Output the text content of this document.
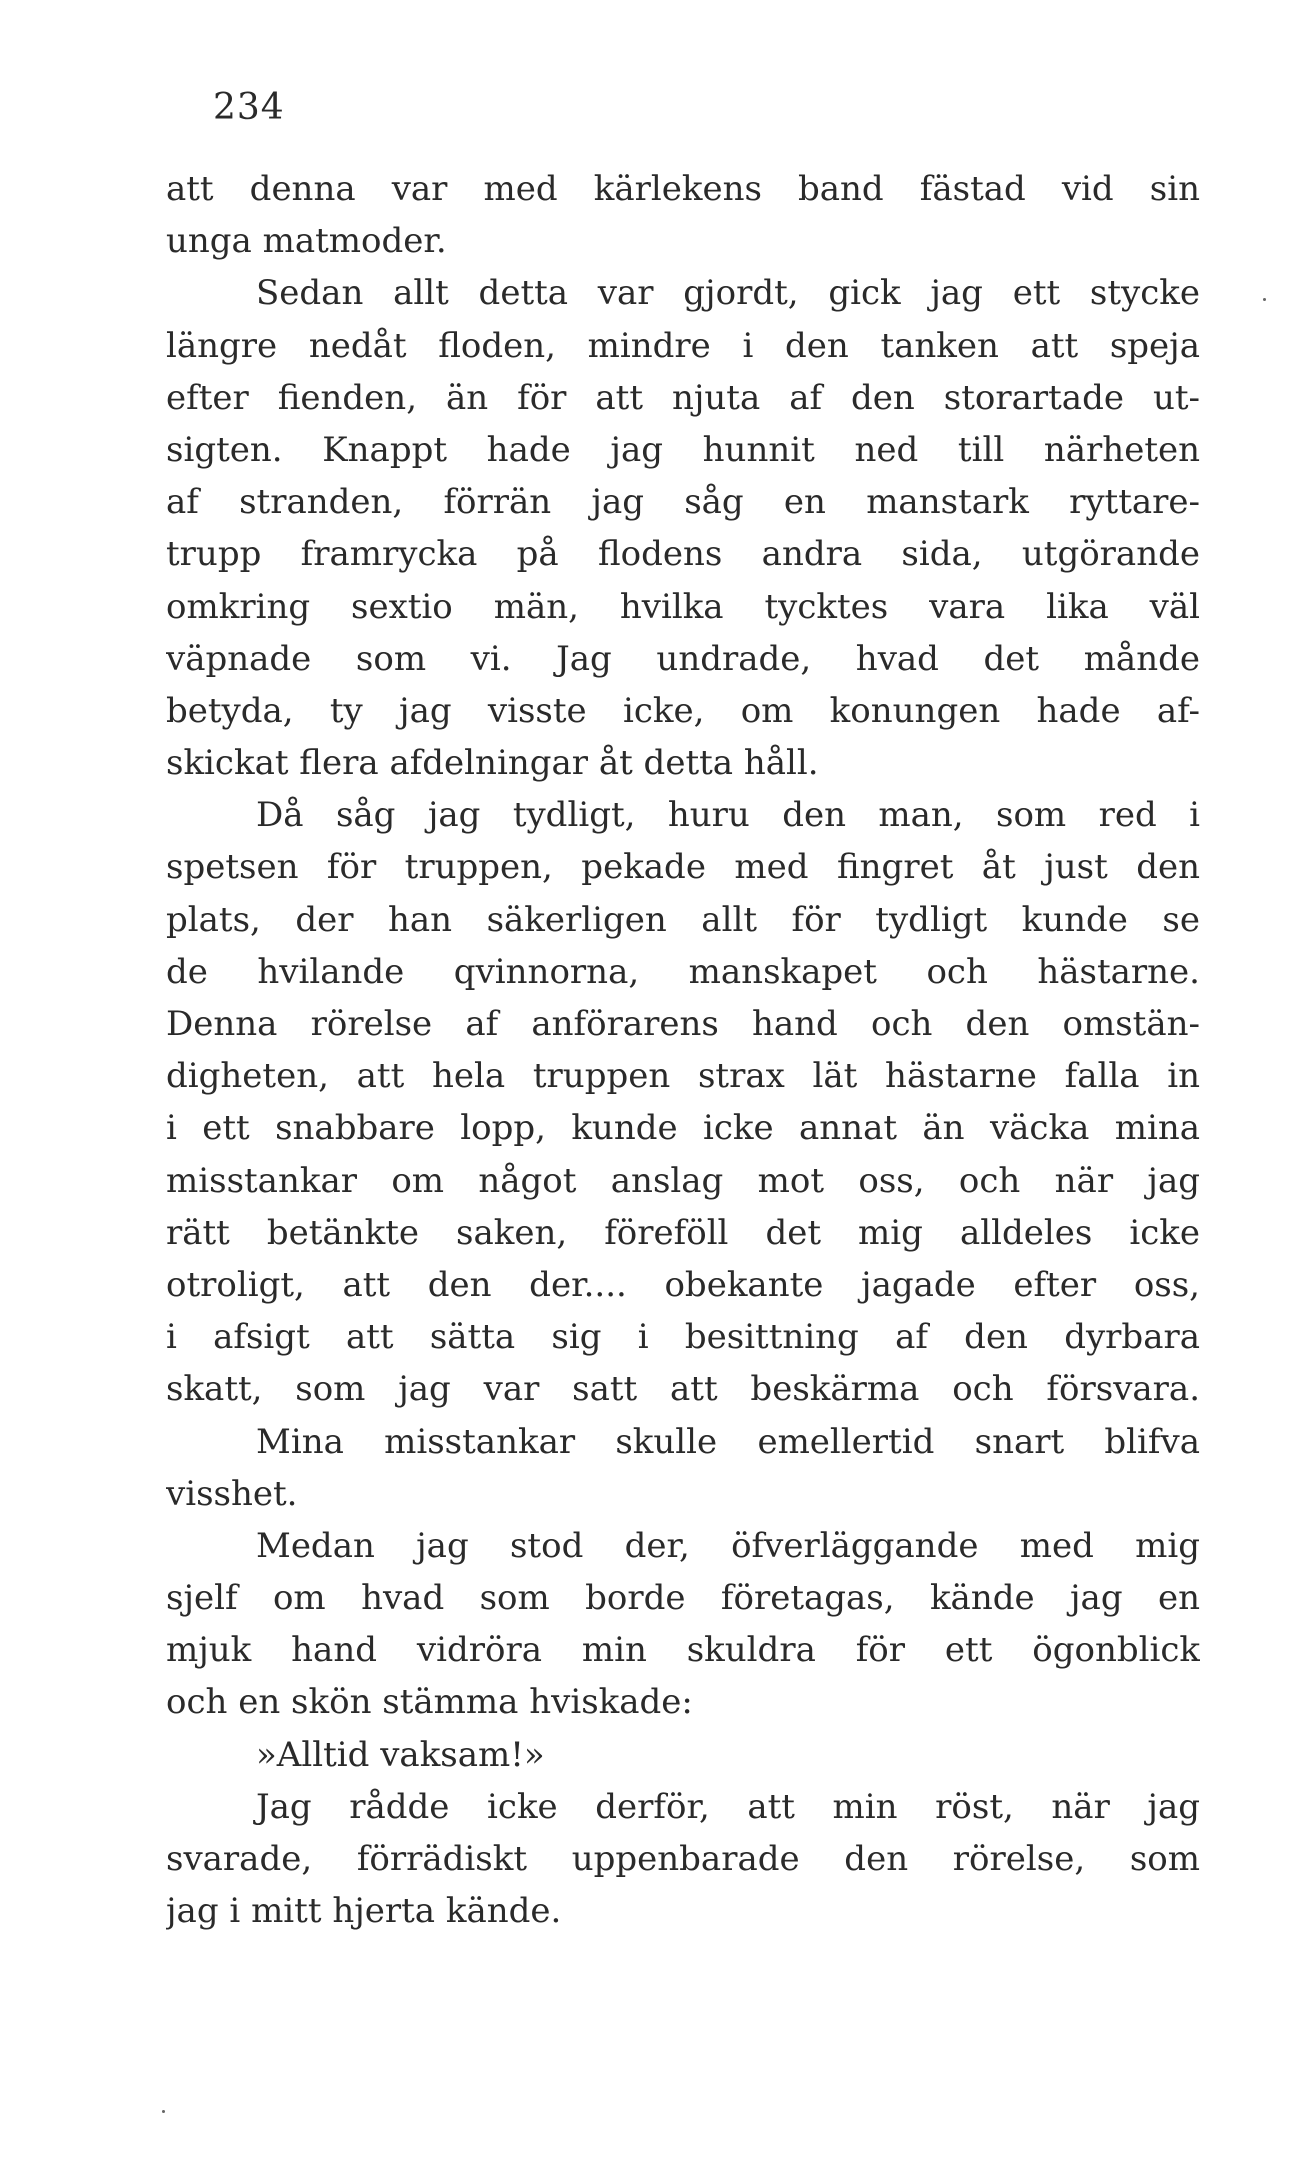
234
att denna var med kärlekens band fästad vid sin
unga matmoder.
Sedan allt detta var gjordt, gick jag ett stycke
längre nedåt floden, mindre i den tanken att speja
efter fienden, än för att njuta af den storartade ut-
sigten. Knappt hade jag hunnit ned till närheten
af stranden, förrän jag såg en manstark ryttare-
trupp framrycka på flodens andra sida, utgörande
omkring sextio män, hvilka tycktes vara lika väl
väpnade som vi. Jag undrade, hvad det månde
betyda, ty jag visste icke, om konungen hade af-
skickat flera afdelningar åt detta håll.
Då såg jag tydligt, huru den man, som red i
spetsen för truppen, pekade med fingret åt just den
plats, der han säkerligen allt för tydligt kunde se
de hvilande qvinnorna, manskapet och hästarne.
Denna rörelse af anförarens hand och den omstän-
digheten, att hela truppen strax lät hästarne falla in
i ett snabbare lopp, kunde icke annat än väcka mina
misstankar om något anslag mot oss, och när jag
rätt betänkte saken, föreföll det mig alldeles icke
otroligt, att den der.... obekante jagade efter oss,
i afsigt att sätta sig i besittning af den dyrbara
skatt, som jag var satt att beskärma och försvara.
Mina misstankar skulle emellertid snart blifva
visshet.
Medan jag stod der, öfverläggande med mig
sjelf om hvad som borde företagas, kände jag en
mjuk hand vidröra min skuldra för ett ögonblick
och en skön stämma hviskade:
»Alltid vaksam!»
Jag rådde icke derför, att min röst, när jag
svarade, förrädiskt uppenbarade den rörelse, som
jag i mitt hjerta kände.
